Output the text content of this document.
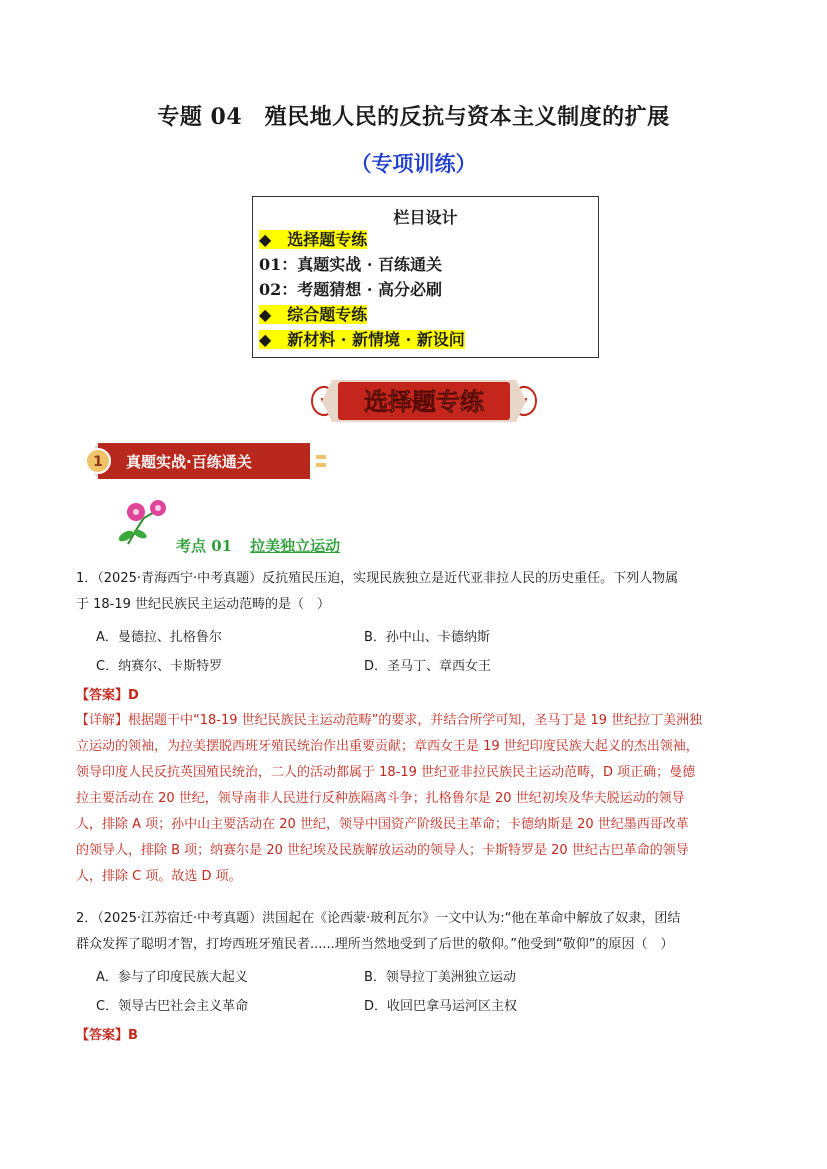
专题 04　殖民地人民的反抗与资本主义制度的扩展
（专项训练）
栏目设计
◆　选择题专练
01：真题实战 · 百练通关
02：考题猜想 · 高分必刷
◆　综合题专练
◆　新材料 · 新情境 · 新设问
选择题专练
1 真题实战·百练通关
考点 01 拉美独立运动
1．（2025·青海西宁·中考真题）反抗殖民压迫，实现民族独立是近代亚非拉人民的历史重任。下列人物属
于 18-19 世纪民族民主运动范畴的是（　）
A．曼德拉、扎格鲁尔	B．孙中山、卡德纳斯
C．纳赛尔、卡斯特罗	D．圣马丁、章西女王
【答案】D
【详解】根据题干中“18-19 世纪民族民主运动范畴”的要求，并结合所学可知，圣马丁是 19 世纪拉丁美洲独
立运动的领袖，为拉美摆脱西班牙殖民统治作出重要贡献；章西女王是 19 世纪印度民族大起义的杰出领袖，
领导印度人民反抗英国殖民统治，二人的活动都属于 18-19 世纪亚非拉民族民主运动范畴，D 项正确；曼德
拉主要活动在 20 世纪，领导南非人民进行反种族隔离斗争；扎格鲁尔是 20 世纪初埃及华夫脱运动的领导
人，排除 A 项；孙中山主要活动在 20 世纪，领导中国资产阶级民主革命；卡德纳斯是 20 世纪墨西哥改革
的领导人，排除 B 项；纳赛尔是 20 世纪埃及民族解放运动的领导人；卡斯特罗是 20 世纪古巴革命的领导
人，排除 C 项。故选 D 项。
2．（2025·江苏宿迁·中考真题）洪国起在《论西蒙·玻利瓦尔》一文中认为:“他在革命中解放了奴隶，团结
群众发挥了聪明才智，打垮西班牙殖民者......理所当然地受到了后世的敬仰。”他受到“敬仰”的原因（　）
A．参与了印度民族大起义	B．领导拉丁美洲独立运动
C．领导古巴社会主义革命	D．收回巴拿马运河区主权
【答案】B
